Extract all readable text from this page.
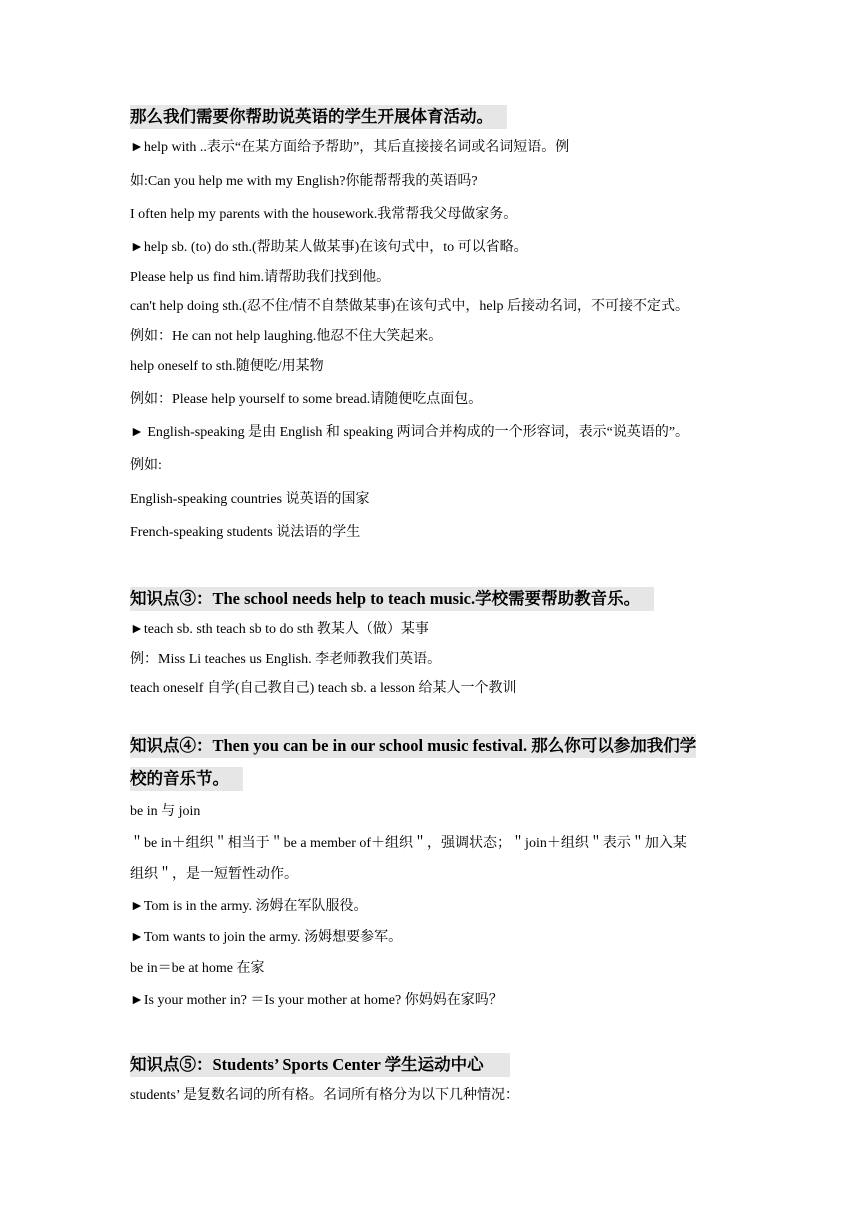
那么我们需要你帮助说英语的学生开展体育活动。
►help with ..表示“在某方面给予帮助”，其后直接接名词或名词短语。例
如:Can you help me with my English?你能帮帮我的英语吗?
I often help my parents with the housework.我常帮我父母做家务。
►help sb. (to) do sth.(帮助某人做某事)在该句式中，to 可以省略。
Please help us find him.请帮助我们找到他。
can't help doing sth.(忍不住/情不自禁做某事)在该句式中，help 后接动名词，不可接不定式。
例如：He can not help laughing.他忍不住大笑起来。
help oneself to sth.随便吃/用某物
例如：Please help yourself to some bread.请随便吃点面包。
► English-speaking 是由 English 和 speaking 两词合并构成的一个形容词，表示“说英语的”。
例如:
English-speaking countries 说英语的国家
French-speaking students 说法语的学生
知识点③：The school needs help to teach music.学校需要帮助教音乐。
►teach sb. sth teach sb to do sth 教某人（做）某事
例：Miss Li teaches us English. 李老师教我们英语。
teach oneself 自学(自己教自己) teach sb. a lesson 给某人一个教训
知识点④：Then you can be in our school music festival. 那么你可以参加我们学
校的音乐节。
be in 与 join
＂be in＋组织＂相当于＂be a member of＋组织＂，强调状态；＂join＋组织＂表示＂加入某
组织＂，是一短暂性动作。
►Tom is in the army. 汤姆在军队服役。
►Tom wants to join the army. 汤姆想要参军。
be in＝be at home 在家
►Is your mother in? ＝Is your mother at home? 你妈妈在家吗？
知识点⑤：Students’ Sports Center 学生运动中心
students’ 是复数名词的所有格。名词所有格分为以下几种情况：
